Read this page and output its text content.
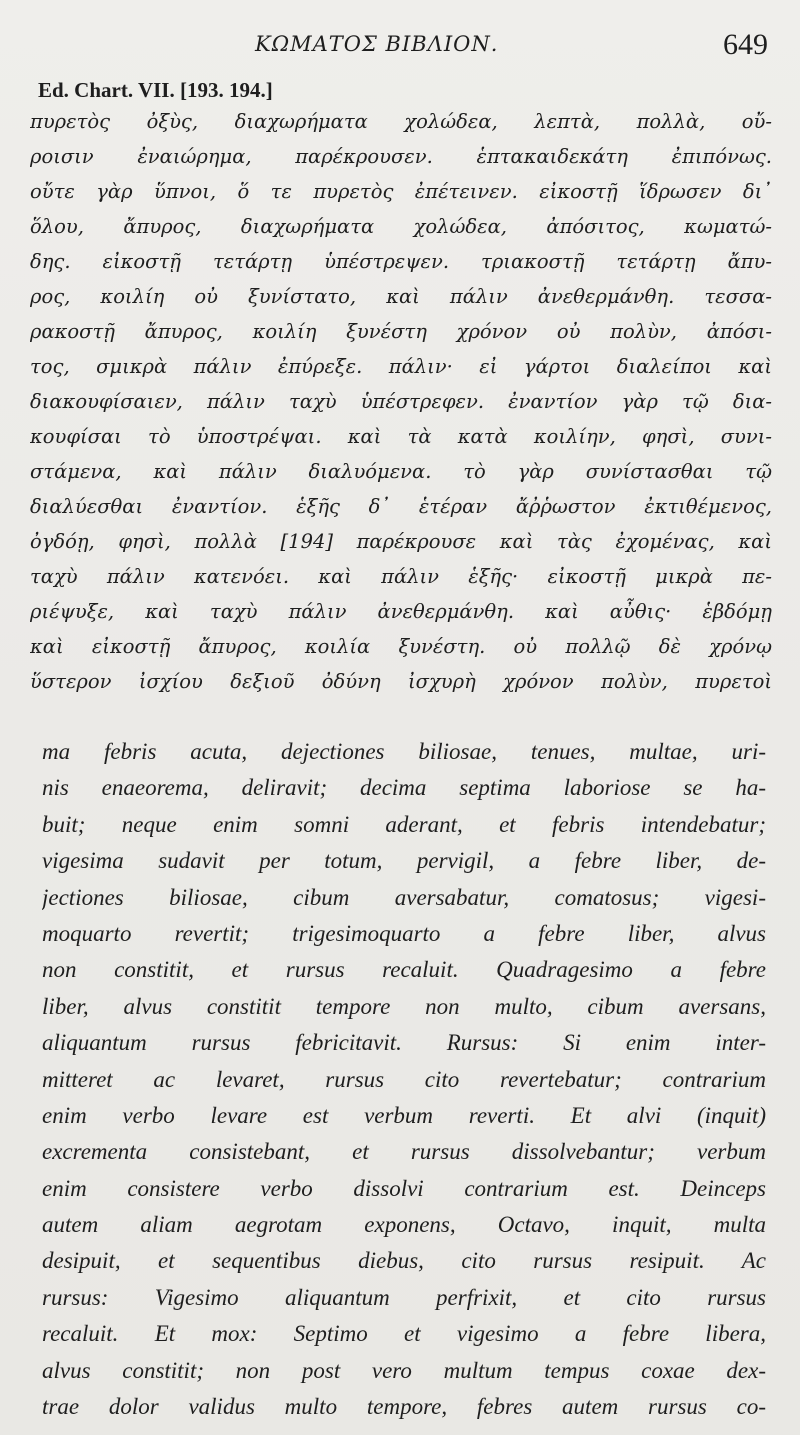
ΚΩΜΑΤΟΣ ΒΙΒΛΙΟΝ.	649
Ed. Chart. VII. [193. 194.]
πυρετὸς ὀξὺς, διαχωρήματα χολώδεα, λεπτὰ, πολλὰ, οὔ-
ροισιν ἐναιώρημα, παρέκρουσεν. ἑπτακαιδεκάτη ἐπιπόνως.
οὔτε γὰρ ὕπνοι, ὅ τε πυρετὸς ἐπέτεινεν. εἰκοστῇ ἵδρωσεν δι᾽
ὅλου, ἄπυρος, διαχωρήματα χολώδεα, ἀπόσιτος, κωματώ-
δης. εἰκοστῇ τετάρτῃ ὑπέστρεψεν. τριακοστῇ τετάρτῃ ἄπυ-
ρος, κοιλίη οὐ ξυνίστατο, καὶ πάλιν ἀνεθερμάνθη. τεσσα-
ρακοστῇ ἄπυρος, κοιλίη ξυνέστη χρόνον οὐ πολὺν, ἀπόσι-
τος, σμικρὰ πάλιν ἐπύρεξε. πάλιν· εἰ γάρτοι διαλείποι καὶ
διακουφίσαιεν, πάλιν ταχὺ ὑπέστρεφεν. ἐναντίον γὰρ τῷ δια-
κουφίσαι τὸ ὑποστρέψαι. καὶ τὰ κατὰ κοιλίην, φησὶ, συνι-
στάμενα, καὶ πάλιν διαλυόμενα. τὸ γὰρ συνίστασθαι τῷ
διαλύεσθαι ἐναντίον. ἑξῆς δ᾽ ἑτέραν ἄῤῥωστον ἐκτιθέμενος,
ὀγδόῃ, φησὶ, πολλὰ [194] παρέκρουσε καὶ τὰς ἐχομένας, καὶ
ταχὺ πάλιν κατενόει. καὶ πάλιν ἑξῆς· εἰκοστῇ μικρὰ πε-
ριέψυξε, καὶ ταχὺ πάλιν ἀνεθερμάνθη. καὶ αὖθις· ἑβδόμῃ
καὶ εἰκοστῇ ἄπυρος, κοιλία ξυνέστη. οὐ πολλῷ δὲ χρόνῳ
ὕστερον ἰσχίου δεξιοῦ ὀδύνη ἰσχυρὴ χρόνον πολὺν, πυρετοὶ
ma febris acuta, dejectiones biliosae, tenues, multae, uri-
nis enaeorema, deliravit; decima septima laboriose se ha-
buit; neque enim somni aderant, et febris intendebatur;
vigesima sudavit per totum, pervigil, a febre liber, de-
jectiones biliosae, cibum aversabatur, comatosus; vigesi-
moquarto revertit; trigesimoquarto a febre liber, alvus
non constitit, et rursus recaluit. Quadragesimo a febre
liber, alvus constitit tempore non multo, cibum aversans,
aliquantum rursus febricitavit. Rursus: Si enim inter-
mitteret ac levaret, rursus cito revertebatur; contrarium
enim verbo levare est verbum reverti. Et alvi (inquit)
excrementa consistebant, et rursus dissolvebantur; verbum
enim consistere verbo dissolvi contrarium est. Deinceps
autem aliam aegrotam exponens, Octavo, inquit, multa
desipuit, et sequentibus diebus, cito rursus resipuit. Ac
rursus: Vigesimo aliquantum perfrixit, et cito rursus
recaluit. Et mox: Septimo et vigesimo a febre libera,
alvus constitit; non post vero multum tempus coxae dex-
trae dolor validus multo tempore, febres autem rursus co-
